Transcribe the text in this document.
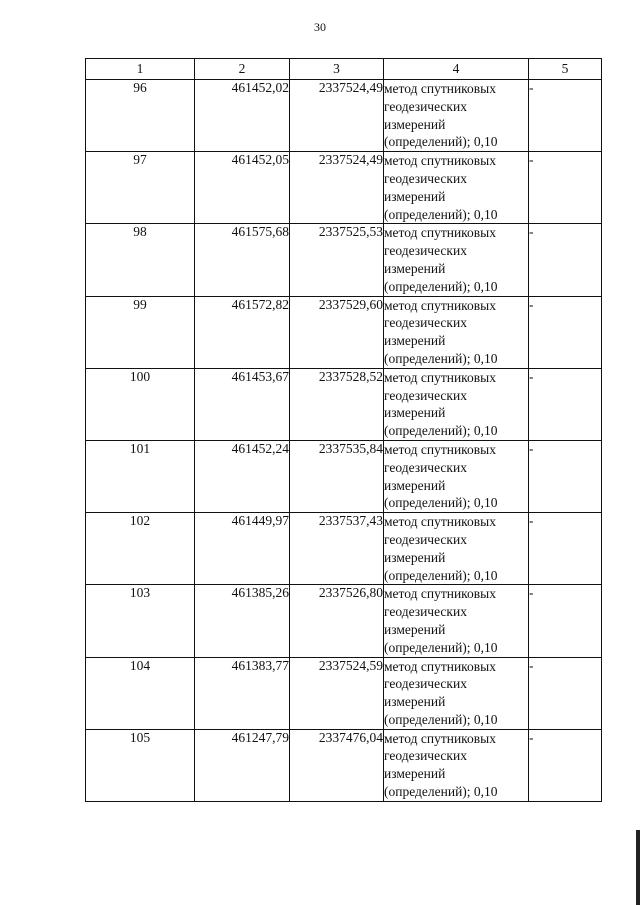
30
1	2	3	4	5
96	461452,02	2337524,49	метод спутниковых
геодезических
измерений
(определений); 0,10	-
97	461452,05	2337524,49	метод спутниковых
геодезических
измерений
(определений); 0,10	-
98	461575,68	2337525,53	метод спутниковых
геодезических
измерений
(определений); 0,10	-
99	461572,82	2337529,60	метод спутниковых
геодезических
измерений
(определений); 0,10	-
100	461453,67	2337528,52	метод спутниковых
геодезических
измерений
(определений); 0,10	-
101	461452,24	2337535,84	метод спутниковых
геодезических
измерений
(определений); 0,10	-
102	461449,97	2337537,43	метод спутниковых
геодезических
измерений
(определений); 0,10	-
103	461385,26	2337526,80	метод спутниковых
геодезических
измерений
(определений); 0,10	-
104	461383,77	2337524,59	метод спутниковых
геодезических
измерений
(определений); 0,10	-
105	461247,79	2337476,04	метод спутниковых
геодезических
измерений
(определений); 0,10	-
